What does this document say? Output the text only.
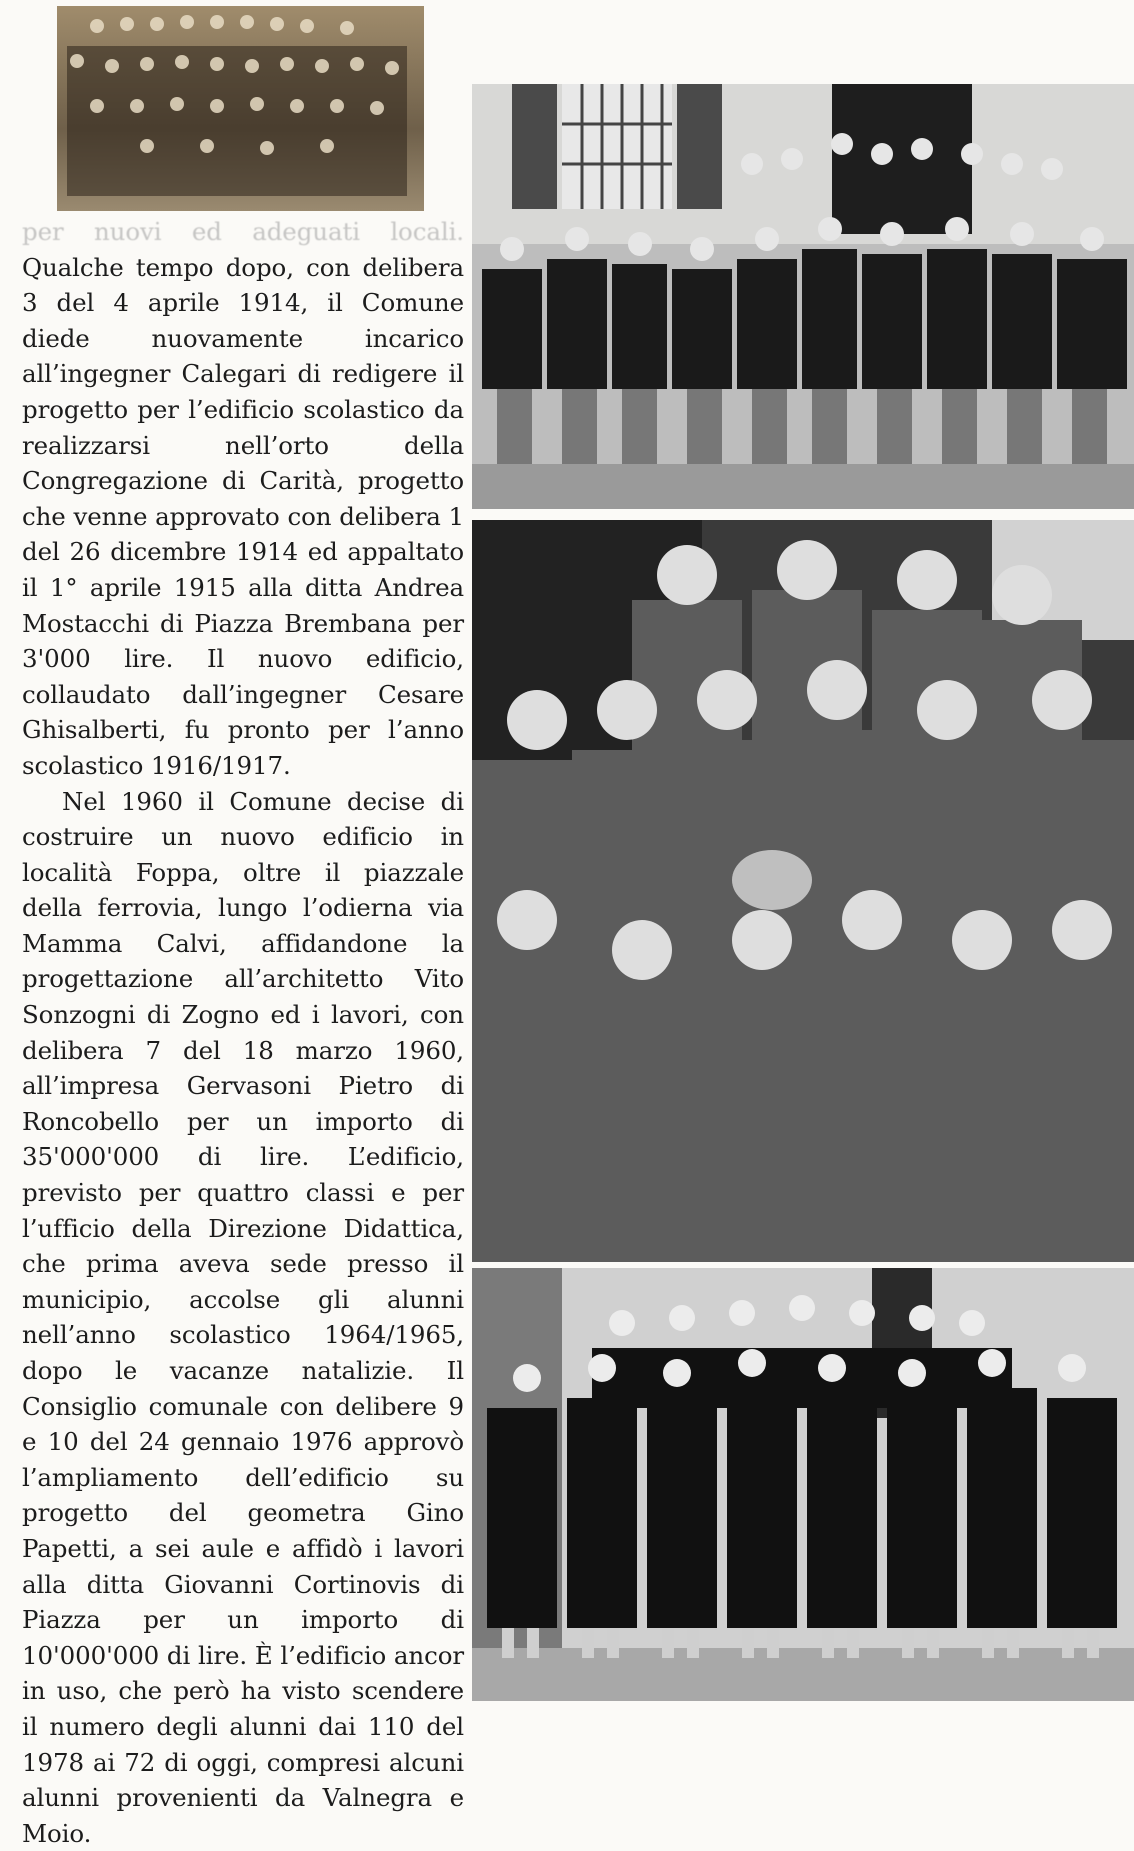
per nuovi ed adeguati locali. Qualche tempo dopo, con delibera 3 del 4 aprile 1914, il Comune diede nuovamente incarico all’ingegner Calegari di redigere il progetto per l’edificio scolastico da realizzarsi nell’orto della Congregazione di Carità, progetto che venne approvato con delibera 1 del 26 dicembre 1914 ed appaltato il 1° aprile 1915 alla ditta Andrea Mostacchi di Piazza Brembana per 3'000 lire. Il nuovo edificio, collaudato dall’ingegner Cesare Ghisalberti, fu pronto per l’anno scolastico 1916/1917.

Nel 1960 il Comune decise di costruire un nuovo edificio in località Foppa, oltre il piazzale della ferrovia, lungo l’odierna via Mamma Calvi, affidandone la progettazione all’architetto Vito Sonzogni di Zogno ed i lavori, con delibera 7 del 18 marzo 1960, all’impresa Gervasoni Pietro di Roncobello per un importo di 35'000'000 di lire. L’edificio, previsto per quattro classi e per l’ufficio della Direzione Didattica, che prima aveva sede presso il municipio, accolse gli alunni nell’anno scolastico 1964/1965, dopo le vacanze natalizie. Il Consiglio comunale con delibere 9 e 10 del 24 gennaio 1976 approvò l’ampliamento dell’edificio su progetto del geometra Gino Papetti, a sei aule e affidò i lavori alla ditta Giovanni Cortinovis di Piazza per un importo di 10'000'000 di lire. È l’edificio ancor in uso, che però ha visto scendere il numero degli alunni dai 110 del 1978 ai 72 di oggi, compresi alcuni alunni provenienti da Valnegra e Moio.
